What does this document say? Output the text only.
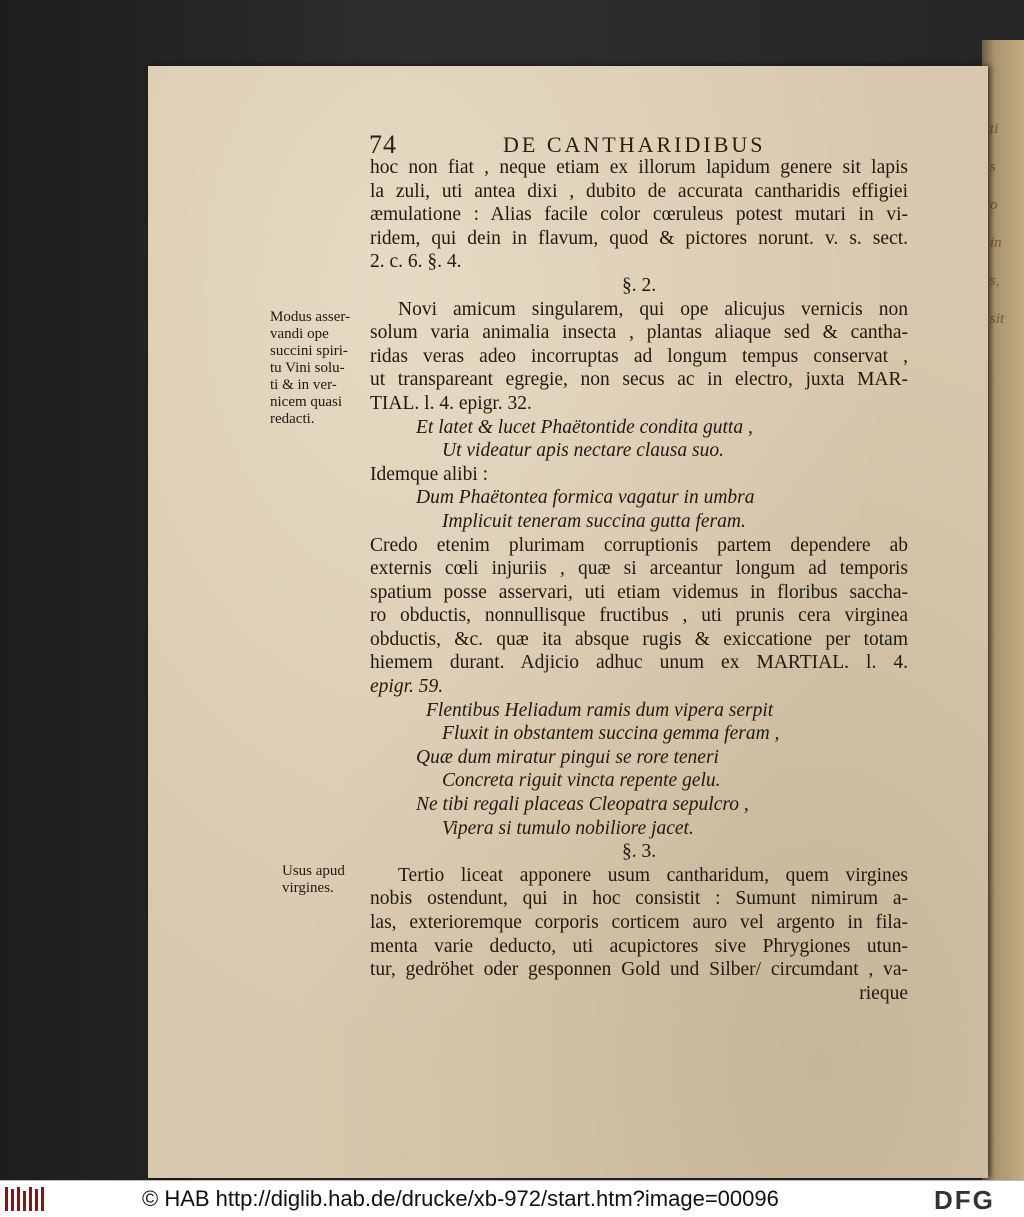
ti
s
o
in
s,
sit
74	DE CANTHARIDIBUS
Modus asser-
vandi ope
succini spiri-
tu Vini solu-
ti & in ver-
nicem quasi
redacti.
Usus apud
virgines.
hoc non fiat , neque etiam ex illorum lapidum genere sit lapis
la zuli, uti antea dixi , dubito de accurata cantharidis effigiei
æmulatione : Alias facile color cœruleus potest mutari in vi-
ridem, qui dein in flavum, quod & pictores norunt. v. s. sect.
2. c. 6. §. 4.
§. 2.
Novi amicum singularem, qui ope alicujus vernicis non
solum varia animalia insecta , plantas aliaque sed & cantha-
ridas veras adeo incorruptas ad longum tempus conservat ,
ut transpareant egregie, non secus ac in electro, juxta MAR-
TIAL. l. 4. epigr. 32.
Et latet & lucet Phaëtontide condita gutta ,
Ut videatur apis nectare clausa suo.
Idemque alibi :
Dum Phaëtontea formica vagatur in umbra
Implicuit teneram succina gutta feram.
Credo etenim plurimam corruptionis partem dependere ab
externis cœli injuriis , quæ si arceantur longum ad temporis
spatium posse asservari, uti etiam videmus in floribus saccha-
ro obductis, nonnullisque fructibus , uti prunis cera virginea
obductis, &c. quæ ita absque rugis & exiccatione per totam
hiemem durant. Adjicio adhuc unum ex MARTIAL. l. 4.
epigr. 59.
Flentibus Heliadum ramis dum vipera serpit
Fluxit in obstantem succina gemma feram ,
Quæ dum miratur pingui se rore teneri
Concreta riguit vincta repente gelu.
Ne tibi regali placeas Cleopatra sepulcro ,
Vipera si tumulo nobiliore jacet.
§. 3.
Tertio liceat apponere usum cantharidum, quem virgines
nobis ostendunt, qui in hoc consistit : Sumunt nimirum a-
las, exterioremque corporis corticem auro vel argento in fila-
menta varie deducto, uti acupictores sive Phrygiones utun-
tur, gedröhet oder gesponnen Gold und Silber/ circumdant , va-
rieque
© HAB http://diglib.hab.de/drucke/xb-972/start.htm?image=00096	DFG
